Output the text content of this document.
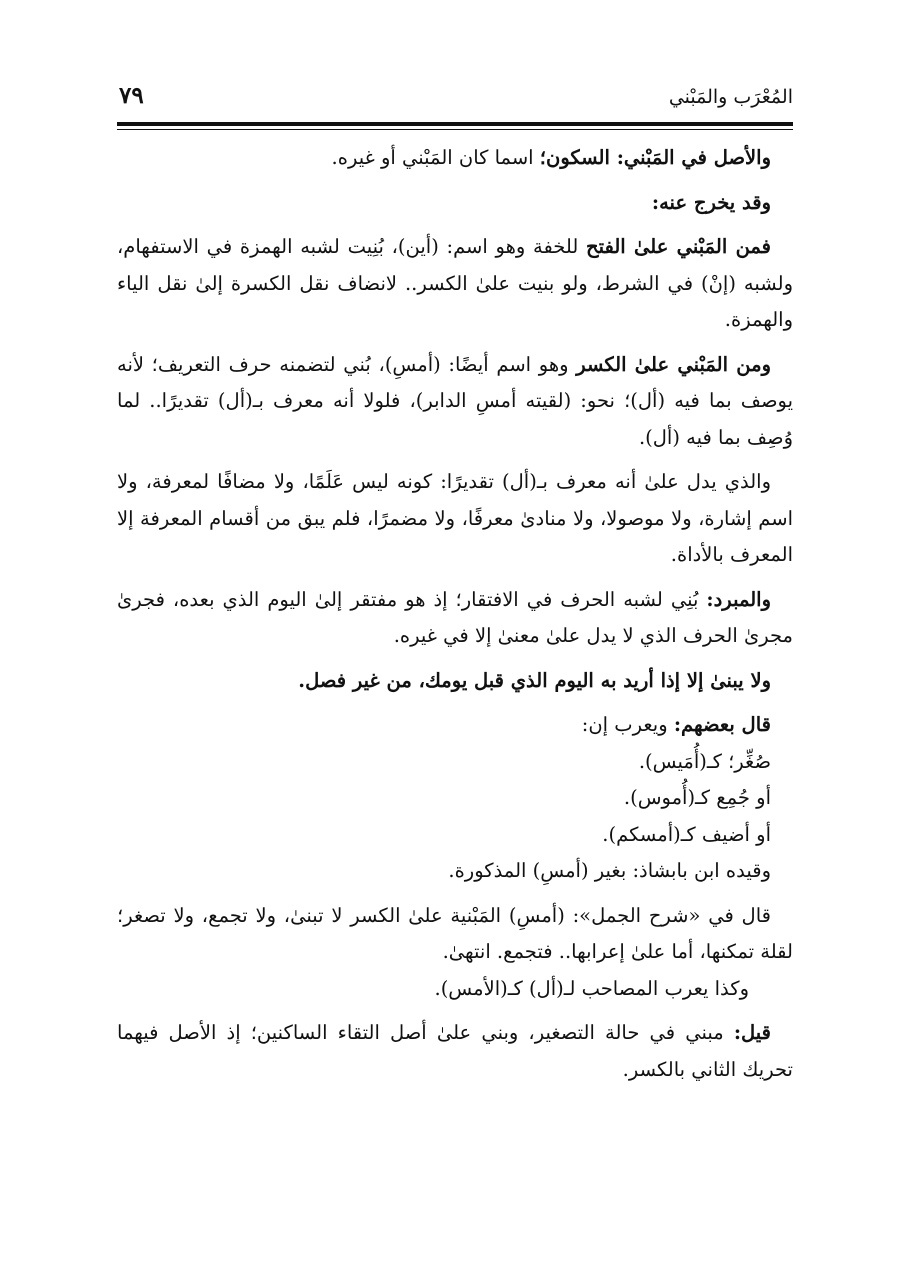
المُعْرَب والمَبْني
٧٩

والأصل في المَبْني: السكون؛ اسما كان المَبْني أو غيره.

وقد يخرج عنه:

فمن المَبْني علىٰ الفتح للخفة وهو اسم: (أين)، بُنِيت لشبه الهمزة في الاستفهام، ولشبه (إنْ) في الشرط، ولو بنيت علىٰ الكسر.. لانضاف نقل الكسرة إلىٰ نقل الياء والهمزة.

ومن المَبْني علىٰ الكسر وهو اسم أيضًا: (أمسِ)، بُني لتضمنه حرف التعريف؛ لأنه يوصف بما فيه (أل)؛ نحو: (لقيته أمسِ الدابر)، فلولا أنه معرف بـ(أل) تقديرًا.. لما وُصِف بما فيه (أل).

والذي يدل علىٰ أنه معرف بـ(أل) تقديرًا: كونه ليس عَلَمًا، ولا مضافًا لمعرفة، ولا اسم إشارة، ولا موصولا، ولا منادىٰ معرفًا، ولا مضمرًا، فلم يبق من أقسام المعرفة إلا المعرف بالأداة.

والمبرد: بُنِي لشبه الحرف في الافتقار؛ إذ هو مفتقر إلىٰ اليوم الذي بعده، فجرىٰ مجرىٰ الحرف الذي لا يدل علىٰ معنىٰ إلا في غيره.

ولا يبنىٰ إلا إذا أريد به اليوم الذي قبل يومك، من غير فصل.

قال بعضهم: ويعرب إن:
صُغِّر؛ كـ(أُمَيس).
أو جُمِع كـ(أُموس).
أو أضيف كـ(أمسكم).
وقيده ابن بابشاذ: بغير (أمسِ) المذكورة.

قال في «شرح الجمل»: (أمسِ) المَبْنية علىٰ الكسر لا تبنىٰ، ولا تجمع، ولا تصغر؛ لقلة تمكنها، أما علىٰ إعرابها.. فتجمع. انتهىٰ.
وكذا يعرب المصاحب لـ(أل) كـ(الأمس).

قيل: مبني في حالة التصغير، وبني علىٰ أصل التقاء الساكنين؛ إذ الأصل فيهما تحريك الثاني بالكسر.
